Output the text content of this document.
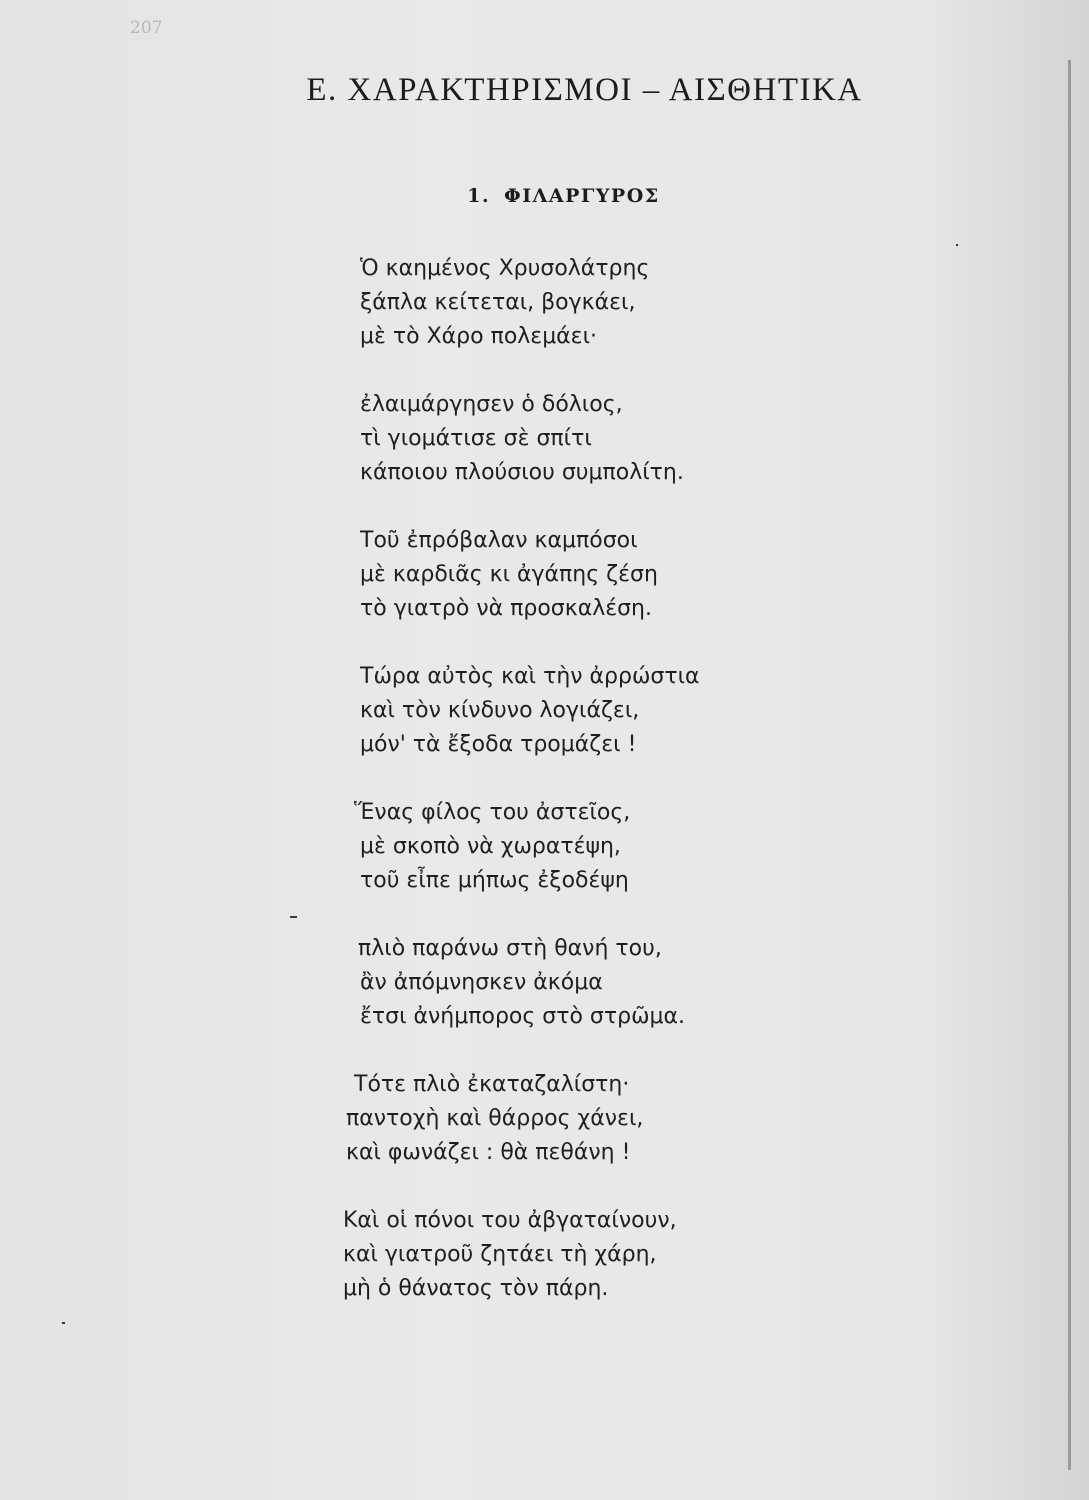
207
Ε. ΧΑΡΑΚΤΗΡΙΣΜΟΙ – ΑΙΣΘΗΤΙΚΑ
1. ΦΙΛΑΡΓΥΡΟΣ
Ὁ καημένος Χρυσολάτρης
ξάπλα κείτεται, βογκάει,
μὲ τὸ Χάρο πολεμάει·
ἐλαιμάργησεν ὁ δόλιος,
τὶ γιομάτισε σὲ σπίτι
κάποιου πλούσιου συμπολίτη.
Τοῦ ἐπρόβαλαν καμπόσοι
μὲ καρδιᾶς κι ἀγάπης ζέση
τὸ γιατρὸ νὰ προσκαλέση.
Τώρα αὐτὸς καὶ τὴν ἀρρώστια
καὶ τὸν κίνδυνο λογιάζει,
μόν' τὰ ἔξοδα τρομάζει !
Ἕνας φίλος του ἀστεῖος,
μὲ σκοπὸ νὰ χωρατέψη,
τοῦ εἶπε μήπως ἐξοδέψη
πλιὸ παράνω στὴ θανή του,
ἂν ἀπόμνησκεν ἀκόμα
ἔτσι ἀνήμπορος στὸ στρῶμα.
Τότε πλιὸ ἐκαταζαλίστη·
παντοχὴ καὶ θάρρος χάνει,
καὶ φωνάζει : θὰ πεθάνη !
Καὶ οἱ πόνοι του ἀβγαταίνουν,
καὶ γιατροῦ ζητάει τὴ χάρη,
μὴ ὁ θάνατος τὸν πάρη.
